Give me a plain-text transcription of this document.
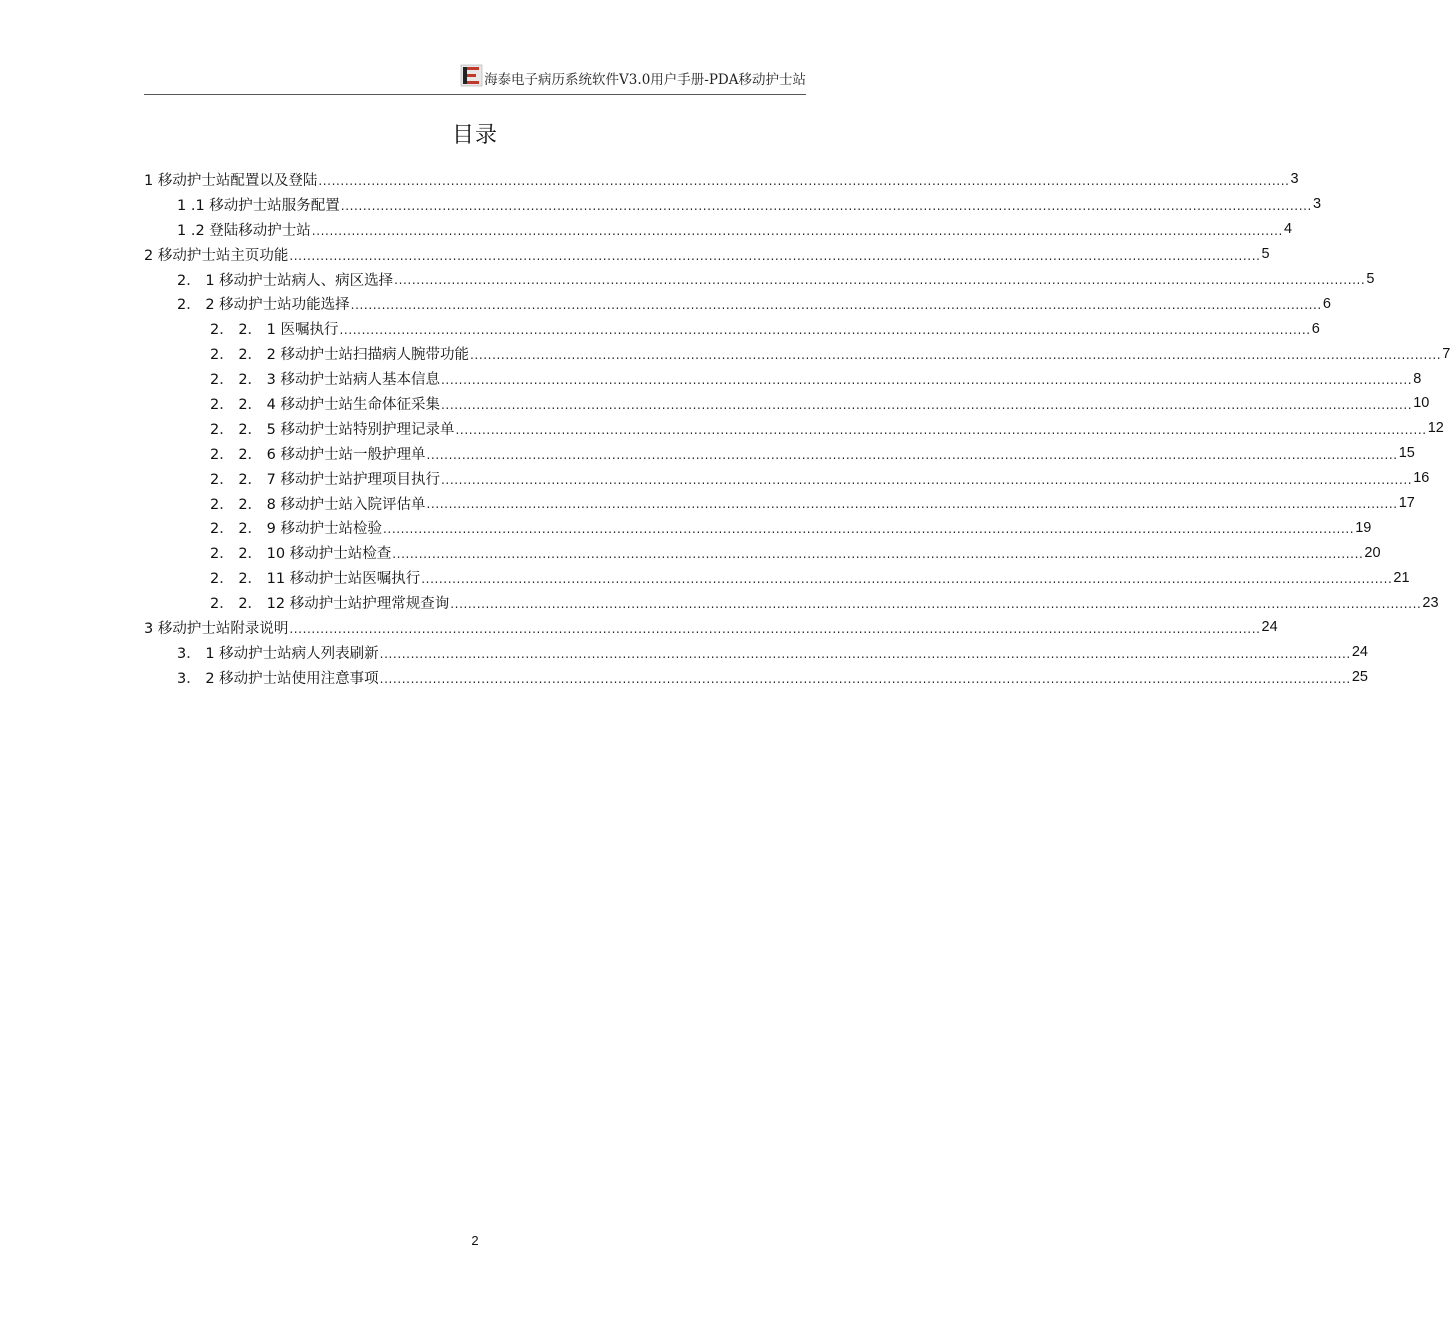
海泰电子病历系统软件V3.0用户手册-PDA移动护士站
目录
1 移动护士站配置以及登陆 ............................................................................................................................................................................................................................ 3
1 .1 移动护士站服务配置 ............................................................................................................................................................................................................................ 3
1 .2 登陆移动护士站 ............................................................................................................................................................................................................................ 4
2 移动护士站主页功能 ............................................................................................................................................................................................................................ 5
2． 1 移动护士站病人、病区选择 ............................................................................................................................................................................................................................ 5
2． 2 移动护士站功能选择 ............................................................................................................................................................................................................................ 6
2． 2． 1 医嘱执行 ............................................................................................................................................................................................................................ 6
2． 2． 2 移动护士站扫描病人腕带功能 ............................................................................................................................................................................................................................ 7
2． 2． 3 移动护士站病人基本信息 ............................................................................................................................................................................................................................ 8
2． 2． 4 移动护士站生命体征采集 ............................................................................................................................................................................................................................ 10
2． 2． 5 移动护士站特别护理记录单 ............................................................................................................................................................................................................................ 12
2． 2． 6 移动护士站一般护理单 ............................................................................................................................................................................................................................ 15
2． 2． 7 移动护士站护理项目执行 ............................................................................................................................................................................................................................ 16
2． 2． 8 移动护士站入院评估单 ............................................................................................................................................................................................................................ 17
2． 2． 9 移动护士站检验 ............................................................................................................................................................................................................................ 19
2． 2． 10 移动护士站检查 ............................................................................................................................................................................................................................ 20
2． 2． 11 移动护士站医嘱执行 ............................................................................................................................................................................................................................ 21
2． 2． 12 移动护士站护理常规查询 ............................................................................................................................................................................................................................ 23
3 移动护士站附录说明 ............................................................................................................................................................................................................................ 24
3． 1 移动护士站病人列表刷新 ............................................................................................................................................................................................................................ 24
3． 2 移动护士站使用注意事项 ............................................................................................................................................................................................................................ 25
2
